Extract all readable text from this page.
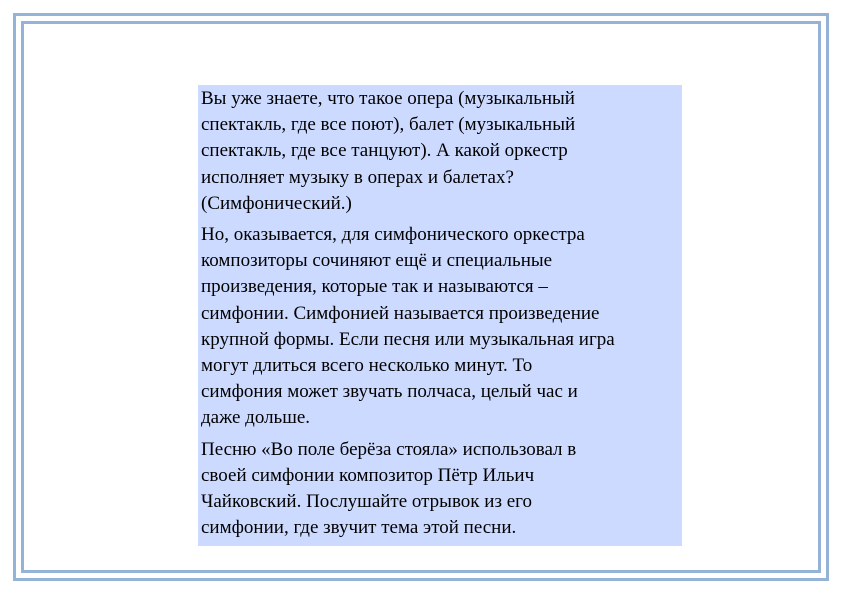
Вы уже знаете, что такое опера (музыкальный
спектакль, где все поют), балет (музыкальный
спектакль, где все танцуют). А какой оркестр
исполняет музыку в операх и балетах?
(Симфонический.)

Но, оказывается, для симфонического оркестра
композиторы сочиняют ещё и специальные
произведения, которые так и называются –
симфонии. Симфонией называется произведение
крупной формы. Если песня или музыкальная игра
могут длиться всего несколько минут. То
симфония может звучать полчаса, целый час и
даже дольше.

Песню «Во поле берёза стояла» использовал в
своей симфонии композитор Пётр Ильич
Чайковский. Послушайте отрывок из его
симфонии, где звучит тема этой песни.
